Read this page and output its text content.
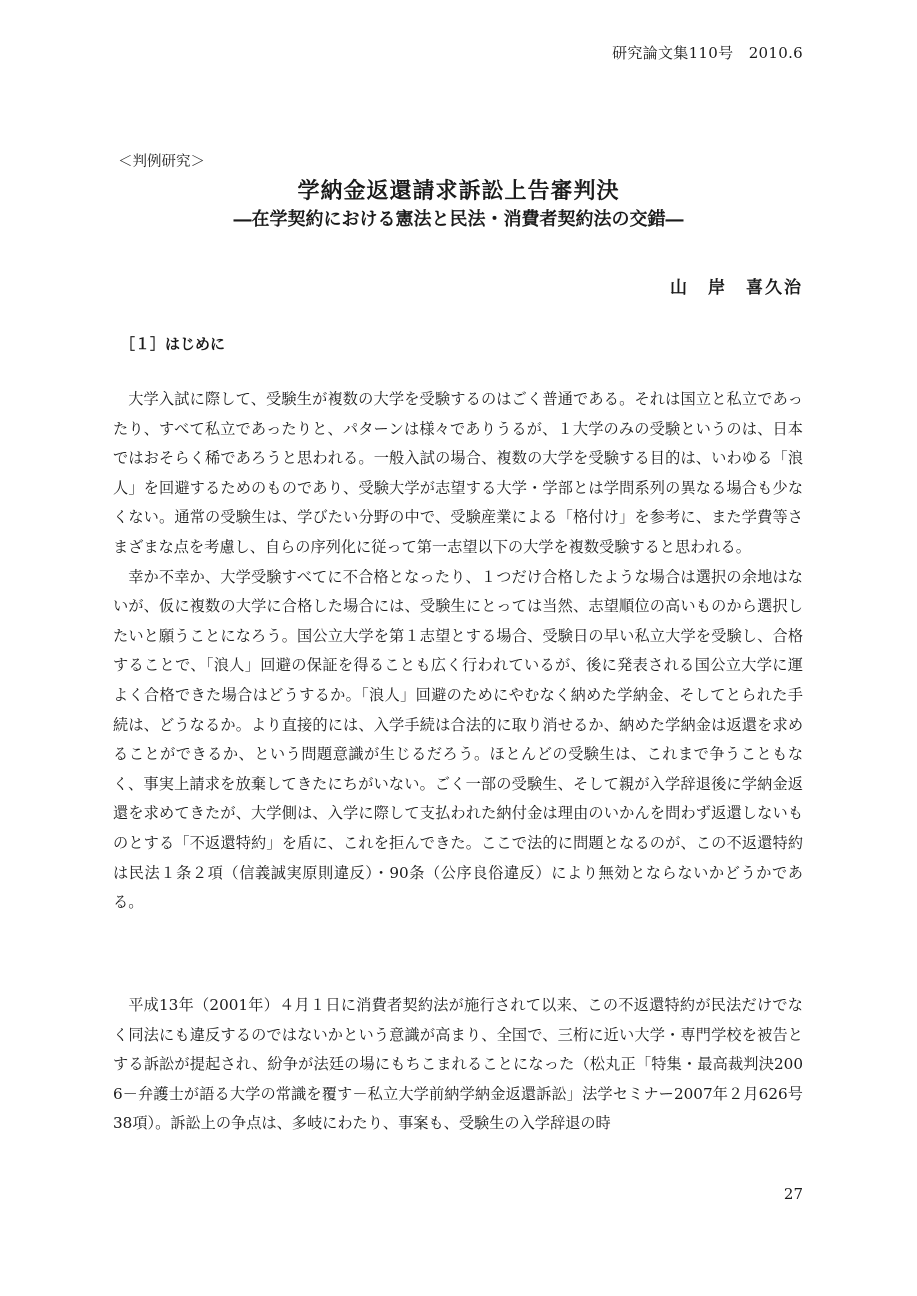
研究論文集110号　2010.6
＜判例研究＞
学納金返還請求訴訟上告審判決
―在学契約における憲法と民法・消費者契約法の交錯―
山　岸　喜久治
［１］はじめに

大学入試に際して、受験生が複数の大学を受験するのはごく普通である。それは国立と私立であったり、すべて私立であったりと、パターンは様々でありうるが、１大学のみの受験というのは、日本ではおそらく稀であろうと思われる。一般入試の場合、複数の大学を受験する目的は、いわゆる「浪人」を回避するためのものであり、受験大学が志望する大学・学部とは学問系列の異なる場合も少なくない。通常の受験生は、学びたい分野の中で、受験産業による「格付け」を参考に、また学費等さまざまな点を考慮し、自らの序列化に従って第一志望以下の大学を複数受験すると思われる。

幸か不幸か、大学受験すべてに不合格となったり、１つだけ合格したような場合は選択の余地はないが、仮に複数の大学に合格した場合には、受験生にとっては当然、志望順位の高いものから選択したいと願うことになろう。国公立大学を第１志望とする場合、受験日の早い私立大学を受験し、合格することで、「浪人」回避の保証を得ることも広く行われているが、後に発表される国公立大学に運よく合格できた場合はどうするか。「浪人」回避のためにやむなく納めた学納金、そしてとられた手続は、どうなるか。より直接的には、入学手続は合法的に取り消せるか、納めた学納金は返還を求めることができるか、という問題意識が生じるだろう。ほとんどの受験生は、これまで争うこともなく、事実上請求を放棄してきたにちがいない。ごく一部の受験生、そして親が入学辞退後に学納金返還を求めてきたが、大学側は、入学に際して支払われた納付金は理由のいかんを問わず返還しないものとする「不返還特約」を盾に、これを拒んできた。ここで法的に問題となるのが、この不返還特約は民法１条２項（信義誠実原則違反）・90条（公序良俗違反）により無効とならないかどうかである。

平成13年（2001年）４月１日に消費者契約法が施行されて以来、この不返還特約が民法だけでなく同法にも違反するのではないかという意識が高まり、全国で、三桁に近い大学・専門学校を被告とする訴訟が提起され、紛争が法廷の場にもちこまれることになった（松丸正「特集・最高裁判決2006－弁護士が語る大学の常識を覆す－私立大学前納学納金返還訴訟」法学セミナー2007年２月626号38項）。訴訟上の争点は、多岐にわたり、事案も、受験生の入学辞退の時

27
